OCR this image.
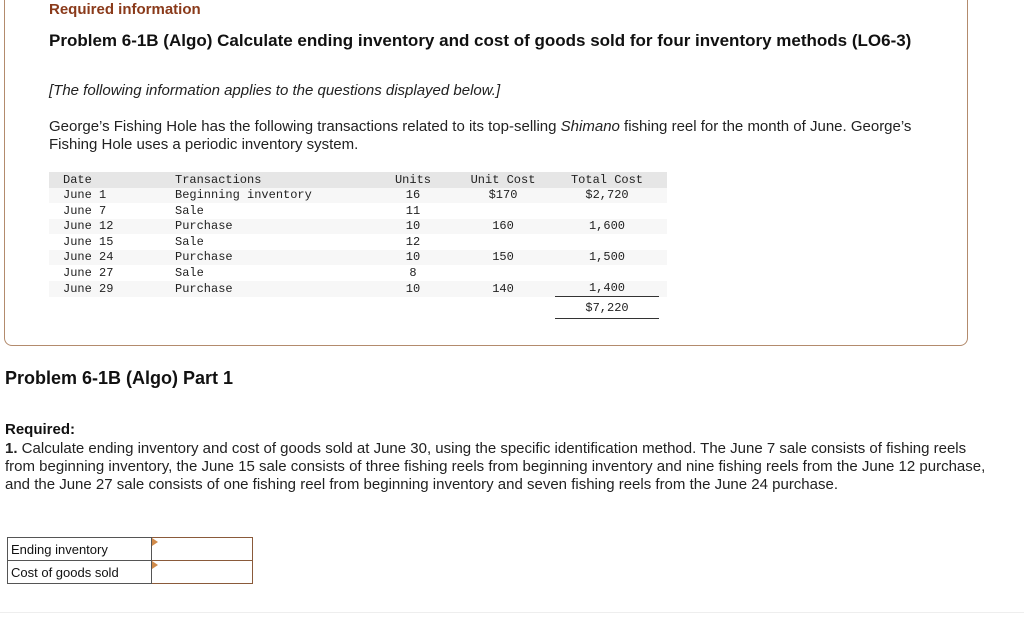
Required information
Problem 6-1B (Algo) Calculate ending inventory and cost of goods sold for four inventory methods (LO6-3)
[The following information applies to the questions displayed below.]
George’s Fishing Hole has the following transactions related to its top-selling Shimano fishing reel for the month of June. George’s Fishing Hole uses a periodic inventory system.
Date	Transactions	Units	Unit Cost	Total Cost	
June 1	Beginning inventory	16	$170	$2,720	
June 7	Sale	11			
June 12	Purchase	10	160	1,600	
June 15	Sale	12			
June 24	Purchase	10	150	1,500	
June 27	Sale	8			
June 29	Purchase	10	140	1,400	
				$7,220	
Problem 6-1B (Algo) Part 1
Required:
1. Calculate ending inventory and cost of goods sold at June 30, using the specific identification method. The June 7 sale consists of fishing reels from beginning inventory, the June 15 sale consists of three fishing reels from beginning inventory and nine fishing reels from the June 12 purchase, and the June 27 sale consists of one fishing reel from beginning inventory and seven fishing reels from the June 24 purchase.
Ending inventory	

Cost of goods sold	
